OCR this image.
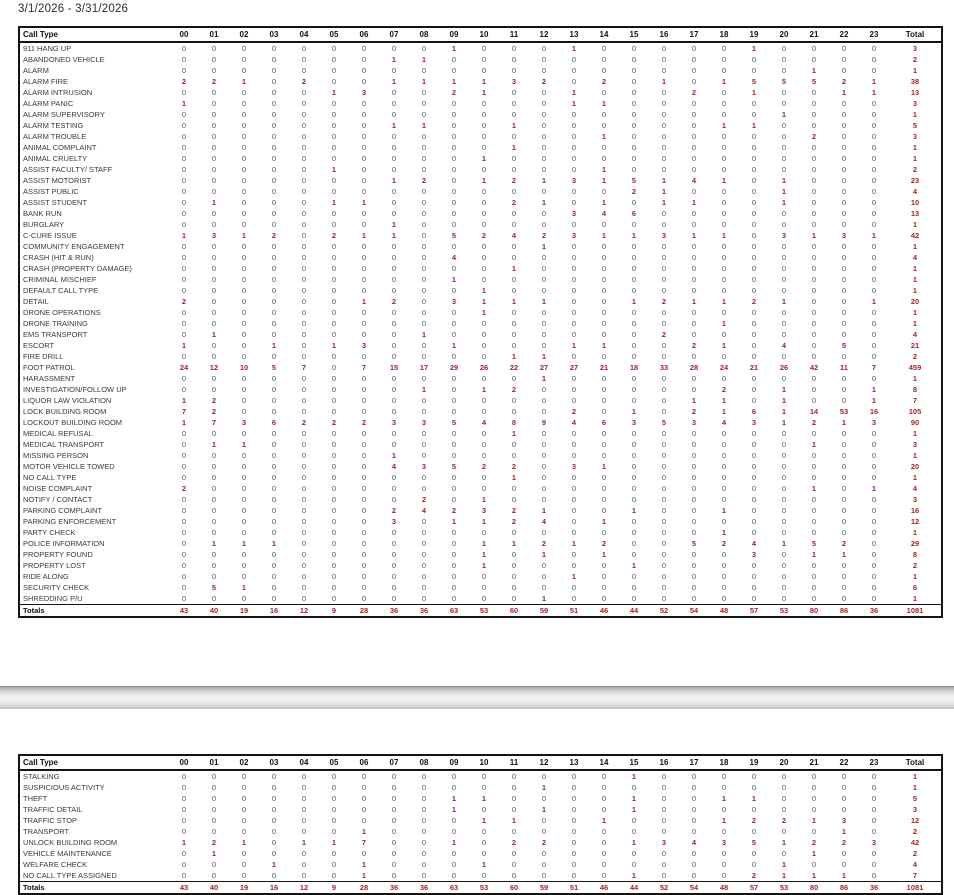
3/1/2026 - 3/31/2026
Call Type	00	01	02	03	04	05	06	07	08	09	10	11	12	13	14	15	16	17	18	19	20	21	22	23	Total
911 HANG UP	0	0	0	0	0	0	0	0	0	1	0	0	0	1	0	0	0	0	0	1	0	0	0	0	3
ABANDONED VEHICLE	0	0	0	0	0	0	0	1	1	0	0	0	0	0	0	0	0	0	0	0	0	0	0	0	2
ALARM	0	0	0	0	0	0	0	0	0	0	0	0	0	0	0	0	0	0	0	0	0	1	0	0	1
ALARM FIRE	2	2	1	0	2	0	0	1	1	1	1	3	2	0	2	0	1	0	1	5	5	5	2	1	38
ALARM INTRUSION	0	0	0	0	0	1	3	0	0	2	1	0	0	1	0	0	0	2	0	1	0	0	1	1	13
ALARM PANIC	1	0	0	0	0	0	0	0	0	0	0	0	0	1	1	0	0	0	0	0	0	0	0	0	3
ALARM SUPERVISORY	0	0	0	0	0	0	0	0	0	0	0	0	0	0	0	0	0	0	0	0	1	0	0	0	1
ALARM TESTING	0	0	0	0	0	0	0	1	1	0	0	1	0	0	0	0	0	0	1	1	0	0	0	0	5
ALARM TROUBLE	0	0	0	0	0	0	0	0	0	0	0	0	0	0	1	0	0	0	0	0	0	2	0	0	3
ANIMAL COMPLAINT	0	0	0	0	0	0	0	0	0	0	0	1	0	0	0	0	0	0	0	0	0	0	0	0	1
ANIMAL CRUELTY	0	0	0	0	0	0	0	0	0	0	1	0	0	0	0	0	0	0	0	0	0	0	0	0	1
ASSIST FACULTY/ STAFF	0	0	0	0	0	1	0	0	0	0	0	0	0	0	1	0	0	0	0	0	0	0	0	0	2
ASSIST MOTORIST	0	0	0	0	0	0	0	1	2	0	1	2	1	3	1	5	1	4	1	0	1	0	0	0	23
ASSIST PUBLIC	0	0	0	0	0	0	0	0	0	0	0	0	0	0	0	2	1	0	0	0	1	0	0	0	4
ASSIST STUDENT	0	1	0	0	0	1	1	0	0	0	0	2	1	0	1	0	1	1	0	0	1	0	0	0	10
BANK RUN	0	0	0	0	0	0	0	0	0	0	0	0	0	3	4	6	0	0	0	0	0	0	0	0	13
BURGLARY	0	0	0	0	0	0	0	1	0	0	0	0	0	0	0	0	0	0	0	0	0	0	0	0	1
C-CURE ISSUE	1	3	1	2	0	2	1	1	0	5	2	4	2	3	1	1	3	1	1	0	3	1	3	1	42
COMMUNITY ENGAGEMENT	0	0	0	0	0	0	0	0	0	0	0	0	1	0	0	0	0	0	0	0	0	0	0	0	1
CRASH (HIT & RUN)	0	0	0	0	0	0	0	0	0	4	0	0	0	0	0	0	0	0	0	0	0	0	0	0	4
CRASH (PROPERTY DAMAGE)	0	0	0	0	0	0	0	0	0	0	0	1	0	0	0	0	0	0	0	0	0	0	0	0	1
CRIMINAL MISCHIEF	0	0	0	0	0	0	0	0	0	1	0	0	0	0	0	0	0	0	0	0	0	0	0	0	1
DEFAULT CALL TYPE	0	0	0	0	0	0	0	0	0	0	1	0	0	0	0	0	0	0	0	0	0	0	0	0	1
DETAIL	2	0	0	0	0	0	1	2	0	3	1	1	1	0	0	1	2	1	1	2	1	0	0	1	20
DRONE OPERATIONS	0	0	0	0	0	0	0	0	0	0	1	0	0	0	0	0	0	0	0	0	0	0	0	0	1
DRONE TRAINING	0	0	0	0	0	0	0	0	0	0	0	0	0	0	0	0	0	0	1	0	0	0	0	0	1
EMS TRANSPORT	0	1	0	0	0	0	0	0	1	0	0	0	0	0	0	0	2	0	0	0	0	0	0	0	4
ESCORT	1	0	0	1	0	1	3	0	0	1	0	0	0	1	1	0	0	2	1	0	4	0	5	0	21
FIRE DRILL	0	0	0	0	0	0	0	0	0	0	0	1	1	0	0	0	0	0	0	0	0	0	0	0	2
FOOT PATROL	24	12	10	5	7	0	7	15	17	29	26	22	27	27	21	18	33	28	24	21	26	42	11	7	459
HARASSMENT	0	0	0	0	0	0	0	0	0	0	0	0	1	0	0	0	0	0	0	0	0	0	0	0	1
INVESTIGATION/FOLLOW UP	0	0	0	0	0	0	0	0	1	0	1	2	0	0	0	0	0	0	2	0	1	0	0	1	8
LIQUOR LAW VIOLATION	1	2	0	0	0	0	0	0	0	0	0	0	0	0	0	0	0	1	1	0	1	0	0	1	7
LOCK BUILDING ROOM	7	2	0	0	0	0	0	0	0	0	0	0	0	2	0	1	0	2	1	6	1	14	53	16	105
LOCKOUT BUILDING ROOM	1	7	3	6	2	2	2	3	3	5	4	8	9	4	6	3	5	3	4	3	1	2	1	3	90
MEDICAL REFUSAL	0	0	0	0	0	0	0	0	0	0	0	1	0	0	0	0	0	0	0	0	0	0	0	0	1
MEDICAL TRANSPORT	0	1	1	0	0	0	0	0	0	0	0	0	0	0	0	0	0	0	0	0	0	1	0	0	3
MISSING PERSON	0	0	0	0	0	0	0	1	0	0	0	0	0	0	0	0	0	0	0	0	0	0	0	0	1
MOTOR VEHICLE TOWED	0	0	0	0	0	0	0	4	3	5	2	2	0	3	1	0	0	0	0	0	0	0	0	0	20
NO CALL TYPE	0	0	0	0	0	0	0	0	0	0	0	1	0	0	0	0	0	0	0	0	0	0	0	0	1
NOISE COMPLAINT	2	0	0	0	0	0	0	0	0	0	0	0	0	0	0	0	0	0	0	0	0	1	0	1	4
NOTIFY / CONTACT	0	0	0	0	0	0	0	0	2	0	1	0	0	0	0	0	0	0	0	0	0	0	0	0	3
PARKING COMPLAINT	0	0	0	0	0	0	0	2	4	2	3	2	1	0	0	1	0	0	1	0	0	0	0	0	16
PARKING ENFORCEMENT	0	0	0	0	0	0	0	3	0	1	1	2	4	0	1	0	0	0	0	0	0	0	0	0	12
PARTY CHECK	0	0	0	0	0	0	0	0	0	0	0	0	0	0	0	0	0	0	1	0	0	0	0	0	1
POLICE INFORMATION	0	1	1	1	0	0	0	0	0	0	1	1	2	1	2	0	0	5	2	4	1	5	2	0	29
PROPERTY FOUND	0	0	0	0	0	0	0	0	0	0	1	0	1	0	1	0	0	0	0	3	0	1	1	0	8
PROPERTY LOST	0	0	0	0	0	0	0	0	0	0	1	0	0	0	0	1	0	0	0	0	0	0	0	0	2
RIDE ALONG	0	0	0	0	0	0	0	0	0	0	0	0	0	1	0	0	0	0	0	0	0	0	0	0	1
SECURITY CHECK	0	5	1	0	0	0	0	0	0	0	0	0	0	0	0	0	0	0	0	0	0	0	0	0	6
SHREDDING P/U	0	0	0	0	0	0	0	0	0	0	0	0	1	0	0	0	0	0	0	0	0	0	0	0	1
Totals	43	40	19	16	12	9	28	36	36	63	53	60	59	51	46	44	52	54	48	57	53	80	86	36	1081
Call Type	00	01	02	03	04	05	06	07	08	09	10	11	12	13	14	15	16	17	18	19	20	21	22	23	Total
STALKING	0	0	0	0	0	0	0	0	0	0	0	0	0	0	0	1	0	0	0	0	0	0	0	0	1
SUSPICIOUS ACTIVITY	0	0	0	0	0	0	0	0	0	0	0	0	1	0	0	0	0	0	0	0	0	0	0	0	1
THEFT	0	0	0	0	0	0	0	0	0	1	1	0	0	0	0	1	0	0	1	1	0	0	0	0	5
TRAFFIC DETAIL	0	0	0	0	0	0	0	0	0	1	0	0	1	0	0	1	0	0	0	0	0	0	0	0	3
TRAFFIC STOP	0	0	0	0	0	0	0	0	0	0	1	1	0	0	1	0	0	0	1	2	2	1	3	0	12
TRANSPORT	0	0	0	0	0	0	1	0	0	0	0	0	0	0	0	0	0	0	0	0	0	0	1	0	2
UNLOCK BUILDING ROOM	1	2	1	0	1	1	7	0	0	1	0	2	2	0	0	1	3	4	3	5	1	2	2	3	42
VEHICLE MAINTENANCE	0	1	0	0	0	0	0	0	0	0	0	0	0	0	0	0	0	0	0	0	0	1	0	0	2
WELFARE CHECK	0	0	0	1	0	0	1	0	0	0	1	0	0	0	0	0	0	0	0	0	1	0	0	0	4
NO CALL TYPE ASSIGNED	0	0	0	0	0	0	1	0	0	0	0	0	0	0	0	1	0	0	0	2	1	1	1	0	7
Totals	43	40	19	16	12	9	28	36	36	63	53	60	59	51	46	44	52	54	48	57	53	80	86	36	1081
